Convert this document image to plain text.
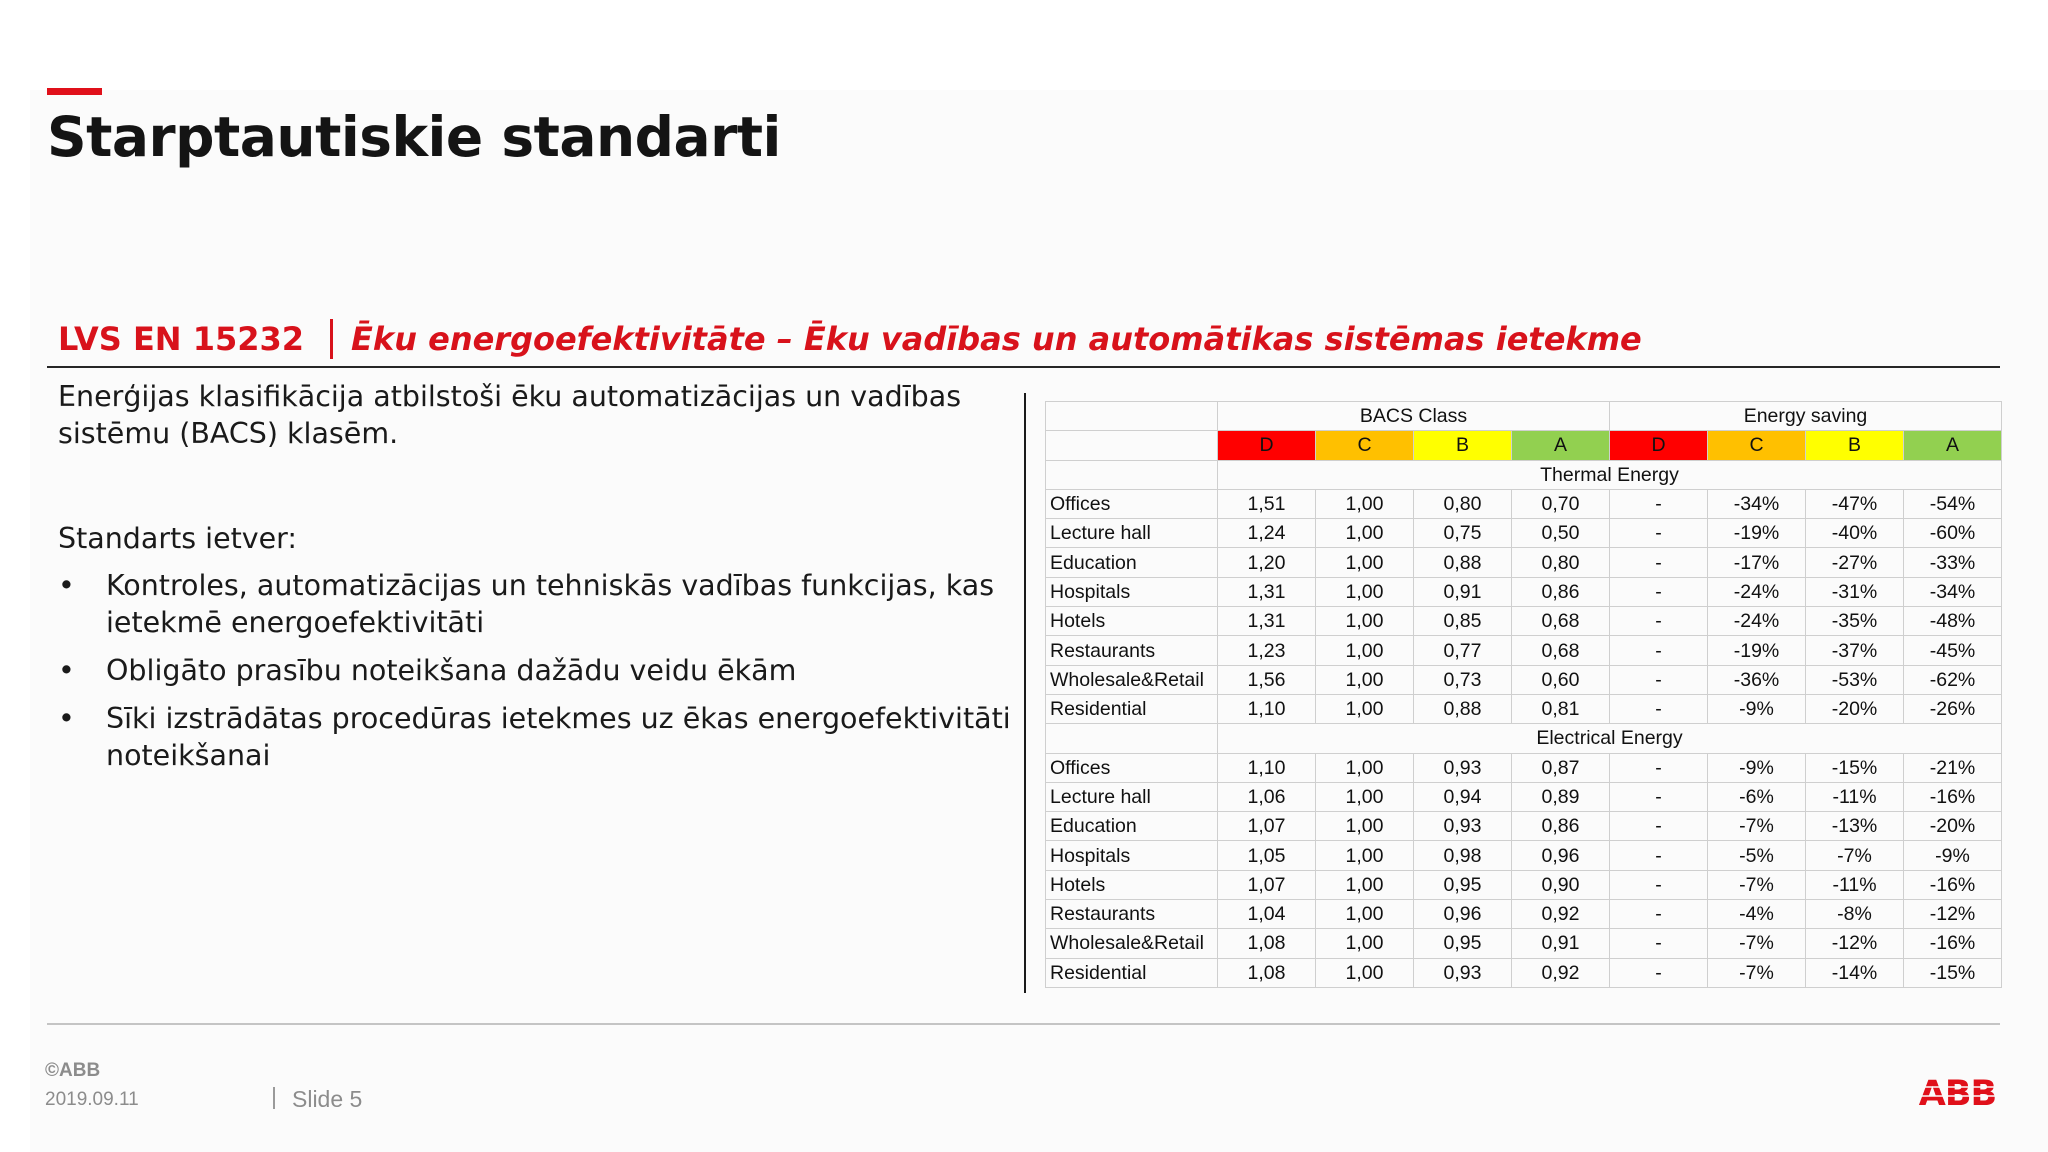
Starptautiskie standarti
LVS EN 15232 Ēku energoefektivitāte – Ēku vadības un automātikas sistēmas ietekme

Enerģijas klasifikācija atbilstoši ēku automatizācijas un vadības sistēmu (BACS) klasēm.

Standarts ietver:

• Kontroles, automatizācijas un tehniskās vadības funkcijas, kas ietekmē energoefektivitāti
• Obligāto prasību noteikšana dažādu veidu ēkām
• Sīki izstrādātas procedūras ietekmes uz ēkas energoefektivitāti noteikšanai
	BACS Class				Energy saving			
	D	C	B	A	D	C	B	A
	Thermal Energy							
Offices	1,51	1,00	0,80	0,70	-	-34%	-47%	-54%
Lecture hall	1,24	1,00	0,75	0,50	-	-19%	-40%	-60%
Education	1,20	1,00	0,88	0,80	-	-17%	-27%	-33%
Hospitals	1,31	1,00	0,91	0,86	-	-24%	-31%	-34%
Hotels	1,31	1,00	0,85	0,68	-	-24%	-35%	-48%
Restaurants	1,23	1,00	0,77	0,68	-	-19%	-37%	-45%
Wholesale&Retail	1,56	1,00	0,73	0,60	-	-36%	-53%	-62%
Residential	1,10	1,00	0,88	0,81	-	-9%	-20%	-26%
	Electrical Energy							
Offices	1,10	1,00	0,93	0,87	-	-9%	-15%	-21%
Lecture hall	1,06	1,00	0,94	0,89	-	-6%	-11%	-16%
Education	1,07	1,00	0,93	0,86	-	-7%	-13%	-20%
Hospitals	1,05	1,00	0,98	0,96	-	-5%	-7%	-9%
Hotels	1,07	1,00	0,95	0,90	-	-7%	-11%	-16%
Restaurants	1,04	1,00	0,96	0,92	-	-4%	-8%	-12%
Wholesale&Retail	1,08	1,00	0,95	0,91	-	-7%	-12%	-16%
Residential	1,08	1,00	0,93	0,92	-	-7%	-14%	-15%
©ABB
2019.09.11	Slide 5	ABB
